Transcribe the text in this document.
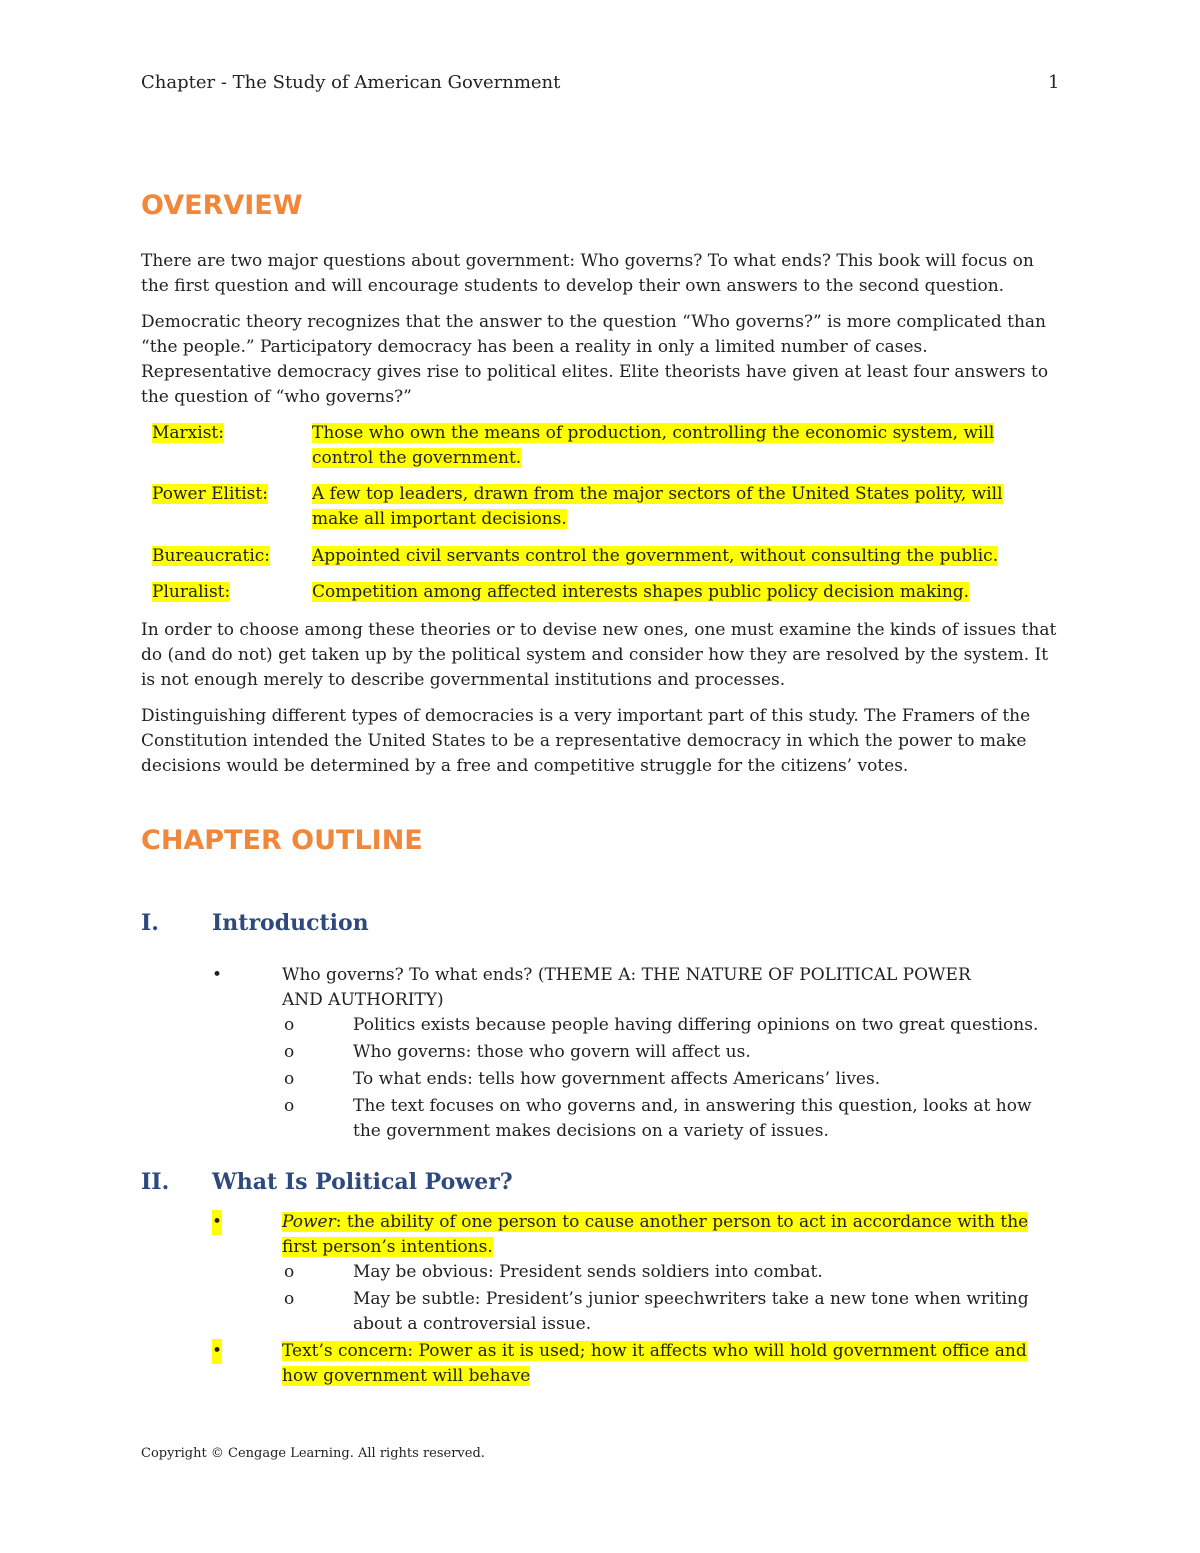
Chapter - The Study of American Government	1
OVERVIEW
There are two major questions about government: Who governs? To what ends? This book will focus on
the first question and will encourage students to develop their own answers to the second question.
Democratic theory recognizes that the answer to the question “Who governs?” is more complicated than
“the people.” Participatory democracy has been a reality in only a limited number of cases.
Representative democracy gives rise to political elites. Elite theorists have given at least four answers to
the question of “who governs?”
Marxist:	Those who own the means of production, controlling the economic system, will
control the government.
Power Elitist:	A few top leaders, drawn from the major sectors of the United States polity, will
make all important decisions.
Bureaucratic: Appointed civil servants control the government, without consulting the public.
Pluralist:	Competition among affected interests shapes public policy decision making.
In order to choose among these theories or to devise new ones, one must examine the kinds of issues that
do (and do not) get taken up by the political system and consider how they are resolved by the system. It
is not enough merely to describe governmental institutions and processes.
Distinguishing different types of democracies is a very important part of this study. The Framers of the
Constitution intended the United States to be a representative democracy in which the power to make
decisions would be determined by a free and competitive struggle for the citizens’ votes.
CHAPTER OUTLINE
I. Introduction
•	Who governs? To what ends? (THEME A: THE NATURE OF POLITICAL POWER
AND AUTHORITY)
o	Politics exists because people having differing opinions on two great questions.
o	Who governs: those who govern will affect us.
o	To what ends: tells how government affects Americans’ lives.
o	The text focuses on who governs and, in answering this question, looks at how
the government makes decisions on a variety of issues.
II. What Is Political Power?
•	Power: the ability of one person to cause another person to act in accordance with the
first person’s intentions.
o	May be obvious: President sends soldiers into combat.
o	May be subtle: President’s junior speechwriters take a new tone when writing
about a controversial issue.
•	Text’s concern: Power as it is used; how it affects who will hold government office and
how government will behave
Copyright © Cengage Learning. All rights reserved.
